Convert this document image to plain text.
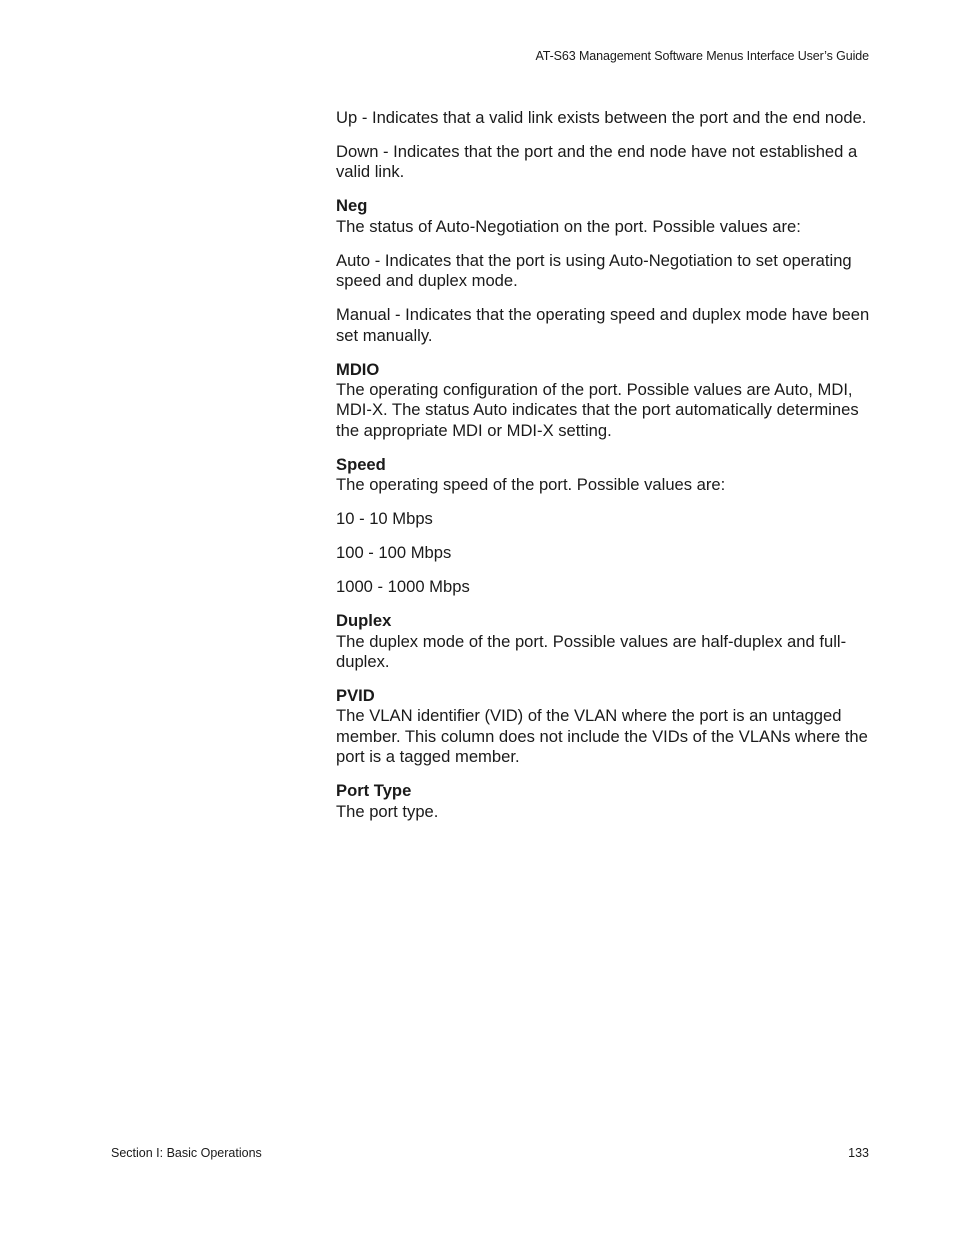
AT-S63 Management Software Menus Interface User’s Guide

Up - Indicates that a valid link exists between the port and the end node.

Down - Indicates that the port and the end node have not established a valid link.

Neg

The status of Auto-Negotiation on the port. Possible values are:

Auto - Indicates that the port is using Auto-Negotiation to set operating speed and duplex mode.

Manual - Indicates that the operating speed and duplex mode have been set manually.

MDIO

The operating configuration of the port. Possible values are Auto, MDI, MDI-X. The status Auto indicates that the port automatically determines the appropriate MDI or MDI-X setting.

Speed

The operating speed of the port. Possible values are:

10 - 10 Mbps

100 - 100 Mbps

1000 - 1000 Mbps

Duplex

The duplex mode of the port. Possible values are half-duplex and full-duplex.

PVID

The VLAN identifier (VID) of the VLAN where the port is an untagged member. This column does not include the VIDs of the VLANs where the port is a tagged member.

Port Type

The port type.

Section I: Basic Operations	133
